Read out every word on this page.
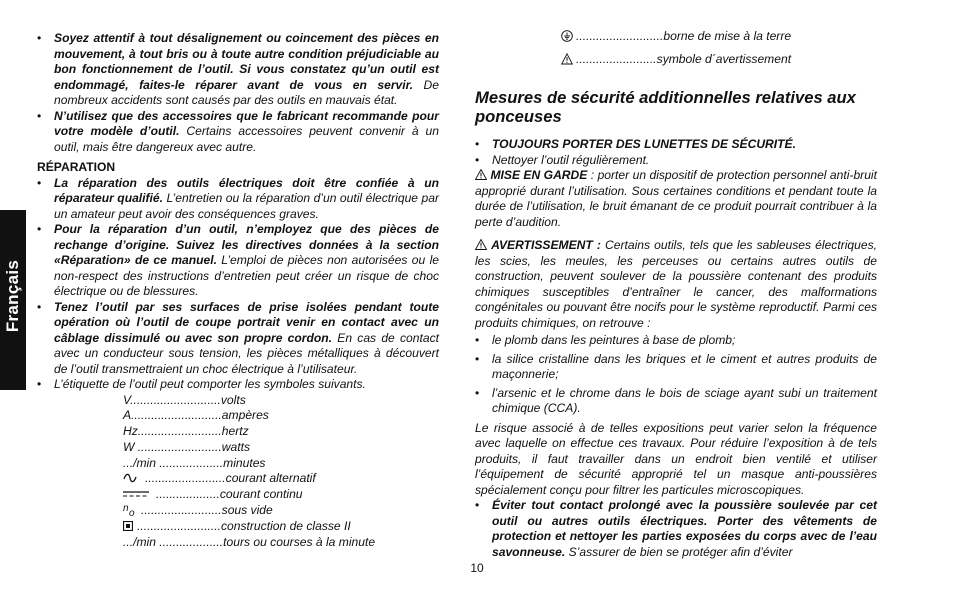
Français
• Soyez attentif à tout désalignement ou coincement des pièces en mouvement, à tout bris ou à toute autre condition préjudiciable au bon fonctionnement de l’outil. Si vous constatez qu’un outil est endommagé, faites-le réparer avant de vous en servir. De nombreux accidents sont causés par des outils en mauvais état.
• N’utilisez que des accessoires que le fabricant recommande pour votre modèle d’outil. Certains accessoires peuvent convenir à un outil, mais être dangereux avec autre.
RÉPARATION
• La réparation des outils électriques doit être confiée à un réparateur qualifié. L’entretien ou la réparation d’un outil électrique par un amateur peut avoir des conséquences graves.
• Pour la réparation d’un outil, n’employez que des pièces de rechange d’origine. Suivez les directives données à la section «Réparation» de ce manuel. L’emploi de pièces non autorisées ou le non-respect des instructions d’entretien peut créer un risque de choc électrique ou de blessures.
• Tenez l’outil par ses surfaces de prise isolées pendant toute opération où l’outil de coupe portrait venir en contact avec un câblage dissimulé ou avec son propre cordon. En cas de contact avec un conducteur sous tension, les pièces métalliques à découvert de l’outil transmettraient un choc électrique à l’utilisateur.
• L’étiquette de l’outil peut comporter les symboles suivants.
V...........................volts
A...........................ampères
Hz.........................hertz
W .........................watts
.../min ...................minutes
........................courant alternatif
...................courant continu
n o ........................sous vide
.........................construction de classe II
.../min ...................tours ou courses à la minute
..........................borne de mise à la terre
........................symbole d´avertissement
Mesures de sécurité additionnelles relatives aux ponceuses
• TOUJOURS PORTER DES LUNETTES DE SÉCURITÉ.
• Nettoyer l’outil régulièrement.
MISE EN GARDE : porter un dispositif de protection personnel anti-bruit approprié durant l’utilisation. Sous certaines conditions et pendant toute la durée de l’utilisation, le bruit émanant de ce produit pourrait contribuer à la perte d’audition.
AVERTISSEMENT : Certains outils, tels que les sableuses électriques, les scies, les meules, les perceuses ou certains autres outils de construction, peuvent soulever de la poussière contenant des produits chimiques susceptibles d’entraîner le cancer, des malformations congénitales ou pouvant être nocifs pour le système reproductif. Parmi ces produits chimiques, on retrouve :
• le plomb dans les peintures à base de plomb;
• la silice cristalline dans les briques et le ciment et autres produits de maçonnerie;
• l’arsenic et le chrome dans le bois de sciage ayant subi un traitement chimique (CCA).
Le risque associé à de telles expositions peut varier selon la fréquence avec laquelle on effectue ces travaux. Pour réduire l’exposition à de tels produits, il faut travailler dans un endroit bien ventilé et utiliser l’équipement de sécurité approprié tel un masque anti-poussières spécialement conçu pour filtrer les particules microscopiques.
• Éviter tout contact prolongé avec la poussière soulevée par cet outil ou autres outils électriques. Porter des vêtements de protection et nettoyer les parties exposées du corps avec de l’eau savonneuse. S’assurer de bien se protéger afin d’éviter
10
